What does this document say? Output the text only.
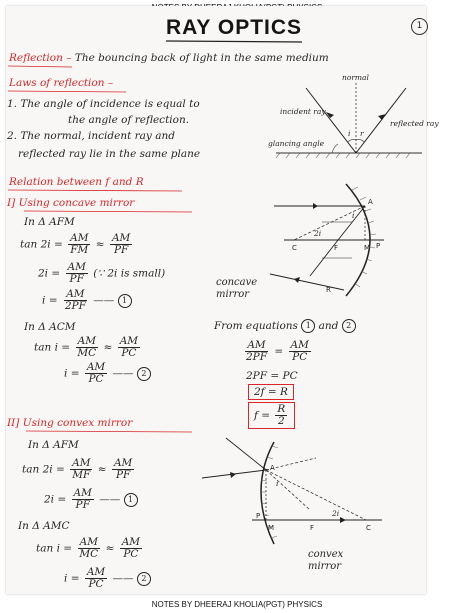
RAY OPTICS	1
Reflection – The bouncing back of light in the same medium
Laws of reflection –
1. The angle of incidence is equal to
the angle of reflection.
2. The normal, incident ray and
reflected ray lie in the same plane
normal
incident ray
reflected ray
glancing angle
i r
Relation between f and R
I] Using concave mirror
In Δ AFM
$\tan 2i = \frac{AM}{FM} \approx \frac{AM}{PF}$
$2i = \frac{AM}{PF}$ (∵ 2i is small)
$i = \frac{AM}{2PF}$ —— 1
In Δ ACM
$\tan i = \frac{AM}{MC} \approx \frac{AM}{PC}$
$i = \frac{AM}{PC}$ —— 2
A
C	F	P
M
R
2i
i
concave mirror
From equations 1 and 2
$\frac{AM}{2PF} = \frac{AM}{PC}$
2PF = PC
2f = R
$f = \frac{R}{2}$
II] Using convex mirror
In Δ AFM
$\tan 2i = \frac{AM}{MF} \approx \frac{AM}{PF}$
$2i = \frac{AM}{PF}$ —— 1
In Δ AMC
$\tan i = \frac{AM}{MC} \approx \frac{AM}{PC}$
$i = \frac{AM}{PC}$ —— 2
A
P
M	F	C
i
2i
convex mirror
NOTES BY DHEERAJ KHOLIA(PGT) PHYSICS
